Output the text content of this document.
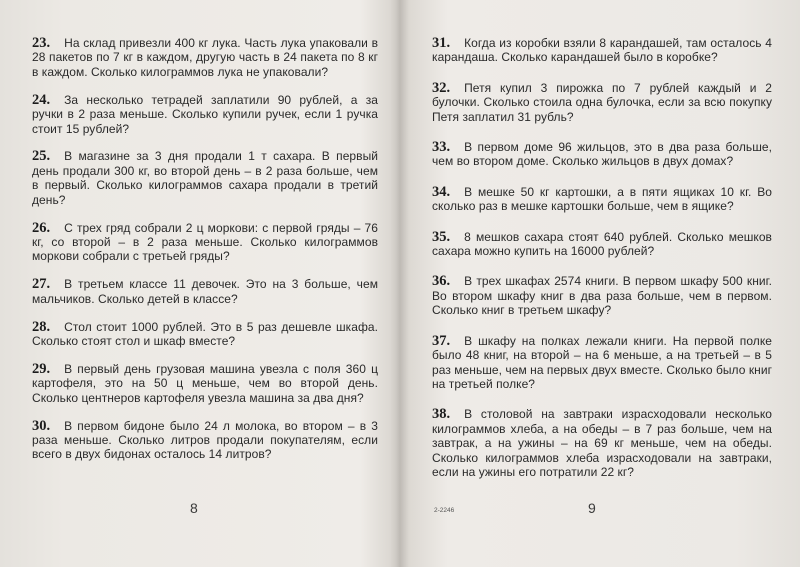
23. На склад привезли 400 кг лука. Часть лука упаковали в 28 пакетов по 7 кг в каждом, другую часть в 24 пакета по 8 кг в каждом. Сколько килограммов лука не упаковали?
24. За несколько тетрадей заплатили 90 рублей, а за ручки в 2 раза меньше. Сколько купили ручек, если 1 ручка стоит 15 рублей?
25. В магазине за 3 дня продали 1 т сахара. В первый день продали 300 кг, во второй день – в 2 раза больше, чем в первый. Сколько килограммов сахара продали в третий день?
26. С трех гряд собрали 2 ц моркови: с первой гряды – 76 кг, со второй – в 2 раза меньше. Сколько килограммов моркови собрали с третьей гряды?
27. В третьем классе 11 девочек. Это на 3 больше, чем мальчиков. Сколько детей в классе?
28. Стол стоит 1000 рублей. Это в 5 раз дешевле шкафа. Сколько стоят стол и шкаф вместе?
29. В первый день грузовая машина увезла с поля 360 ц картофеля, это на 50 ц меньше, чем во второй день. Сколько центнеров картофеля увезла машина за два дня?
30. В первом бидоне было 24 л молока, во втором – в 3 раза меньше. Сколько литров продали покупателям, если всего в двух бидонах осталось 14 литров?
8
31. Когда из коробки взяли 8 карандашей, там осталось 4 карандаша. Сколько карандашей было в коробке?
32. Петя купил 3 пирожка по 7 рублей каждый и 2 булочки. Сколько стоила одна булочка, если за всю покупку Петя заплатил 31 рубль?
33. В первом доме 96 жильцов, это в два раза больше, чем во втором доме. Сколько жильцов в двух домах?
34. В мешке 50 кг картошки, а в пяти ящиках 10 кг. Во сколько раз в мешке картошки больше, чем в ящике?
35. 8 мешков сахара стоят 640 рублей. Сколько мешков сахара можно купить на 16000 рублей?
36. В трех шкафах 2574 книги. В первом шкафу 500 книг. Во втором шкафу книг в два раза больше, чем в первом. Сколько книг в третьем шкафу?
37. В шкафу на полках лежали книги. На первой полке было 48 книг, на второй – на 6 меньше, а на третьей – в 5 раз меньше, чем на первых двух вместе. Сколько было книг на третьей полке?
38. В столовой на завтраки израсходовали несколько килограммов хлеба, а на обеды – в 7 раз больше, чем на завтрак, а на ужины – на 69 кг меньше, чем на обеды. Сколько килограммов хлеба израсходовали на завтраки, если на ужины его потратили 22 кг?
2-2246	9
